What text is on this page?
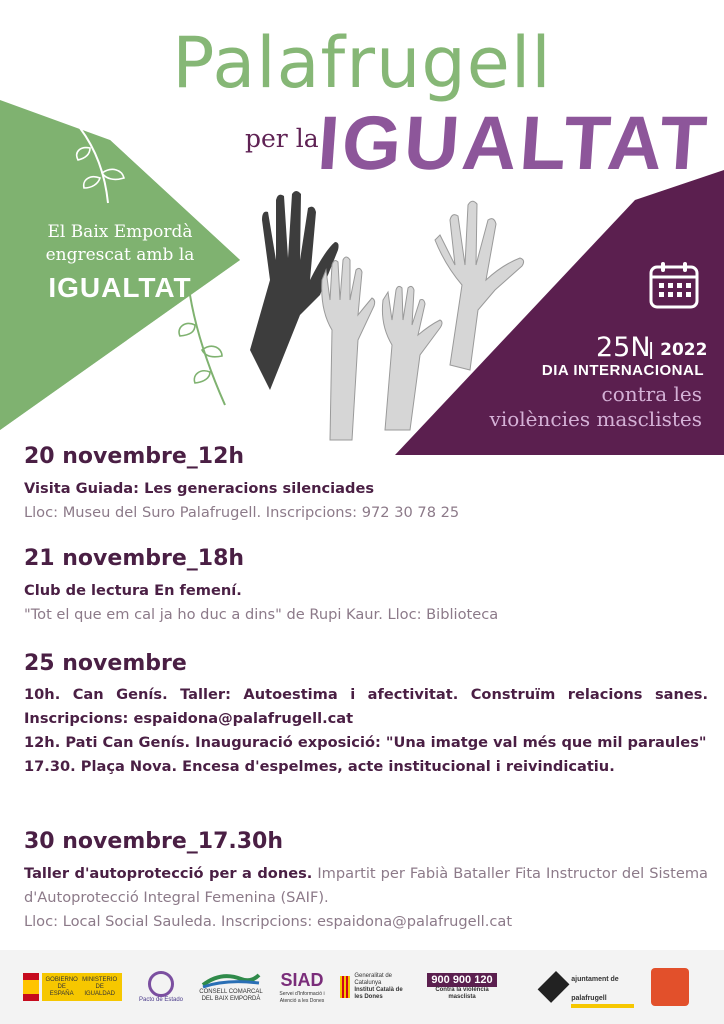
Palafrugell
per la
IGUALTAT
El Baix Empordà
engrescat amb la
IGUALTAT
25N
| 2022
DIA INTERNACIONAL
contra les
violències masclistes
20 novembre_12h
Visita Guiada: Les generacions silenciades
Lloc: Museu del Suro Palafrugell. Inscripcions: 972 30 78 25
21 novembre_18h
Club de lectura En femení.
"Tot el que em cal ja ho duc a dins" de Rupi Kaur. Lloc: Biblioteca
25 novembre
10h. Can Genís. Taller: Autoestima i afectivitat. Construïm relacions sanes. Inscripcions: espaidona@palafrugell.cat
12h. Pati Can Genís. Inauguració exposició: "Una imatge val més que mil paraules"
17.30. Plaça Nova. Encesa d'espelmes, acte institucional i reivindicatiu.
30 novembre_17.30h
Taller d'autoprotecció per a dones. Impartit per Fabià Bataller Fita Instructor del Sistema d'Autoprotecció Integral Femenina (SAIF).
Lloc: Local Social Sauleda. Inscripcions: espaidona@palafrugell.cat
GOBIERNO DE ESPAÑA
MINISTERIO DE IGUALDAD
Pacto de Estado
CONSELL COMARCAL DEL BAIX EMPORDÀ
SIAD
Servei d'Informació i Atenció a les Dones
Generalitat de Catalunya
Institut Català de les Dones
900 900 120
Contra la violència masclista
ajuntament de palafrugell
